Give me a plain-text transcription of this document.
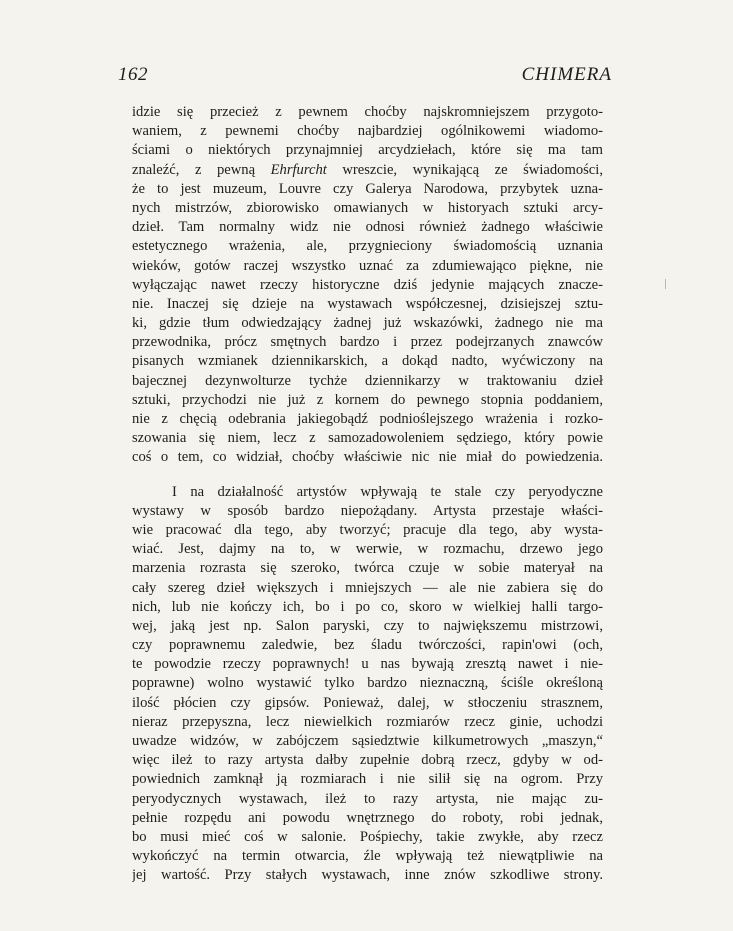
162	CHIMERA
idzie się przecież z pewnem choćby najskromniejszem przygoto-
waniem, z pewnemi choćby najbardziej ogólnikowemi wiadomo-
ściami o niektórych przynajmniej arcydziełach, które się ma tam
znaleźć, z pewną Ehrfurcht wreszcie, wynikającą ze świadomości,
że to jest muzeum, Louvre czy Galerya Narodowa, przybytek uzna-
nych mistrzów, zbiorowisko omawianych w historyach sztuki arcy-
dzieł. Tam normalny widz nie odnosi również żadnego właściwie
estetycznego wrażenia, ale, przygnieciony świadomością uznania
wieków, gotów raczej wszystko uznać za zdumiewająco piękne, nie
wyłączając nawet rzeczy historyczne dziś jedynie mających znacze-
nie. Inaczej się dzieje na wystawach współczesnej, dzisiejszej sztu-
ki, gdzie tłum odwiedzający żadnej już wskazówki, żadnego nie ma
przewodnika, prócz smętnych bardzo i przez podejrzanych znawców
pisanych wzmianek dziennikarskich, a dokąd nadto, wyćwiczony na
bajecznej dezynwolturze tychże dziennikarzy w traktowaniu dzieł
sztuki, przychodzi nie już z kornem do pewnego stopnia poddaniem,
nie z chęcią odebrania jakiegobądź podnioślejszego wrażenia i rozko-
szowania się niem, lecz z samozadowoleniem sędziego, który powie
coś o tem, co widział, choćby właściwie nic nie miał do powiedzenia.
I na działalność artystów wpływają te stale czy peryodyczne
wystawy w sposób bardzo niepożądany. Artysta przestaje właści-
wie pracować dla tego, aby tworzyć; pracuje dla tego, aby wysta-
wiać. Jest, dajmy na to, w werwie, w rozmachu, drzewo jego
marzenia rozrasta się szeroko, twórca czuje w sobie materyał na
cały szereg dzieł większych i mniejszych — ale nie zabiera się do
nich, lub nie kończy ich, bo i po co, skoro w wielkiej halli targo-
wej, jaką jest np. Salon paryski, czy to największemu mistrzowi,
czy poprawnemu zaledwie, bez śladu twórczości, rapin'owi (och,
te powodzie rzeczy poprawnych! u nas bywają zresztą nawet i nie-
poprawne) wolno wystawić tylko bardzo nieznaczną, ściśle określoną
ilość płócien czy gipsów. Ponieważ, dalej, w stłoczeniu strasznem,
nieraz przepyszna, lecz niewielkich rozmiarów rzecz ginie, uchodzi
uwadze widzów, w zabójczem sąsiedztwie kilkumetrowych „maszyn,“
więc ileż to razy artysta dałby zupełnie dobrą rzecz, gdyby w od-
powiednich zamknął ją rozmiarach i nie silił się na ogrom. Przy
peryodycznych wystawach, ileż to razy artysta, nie mając zu-
pełnie rozpędu ani powodu wnętrznego do roboty, robi jednak,
bo musi mieć coś w salonie. Pośpiechy, takie zwykłe, aby rzecz
wykończyć na termin otwarcia, źle wpływają też niewątpliwie na
jej wartość. Przy stałych wystawach, inne znów szkodliwe strony.
